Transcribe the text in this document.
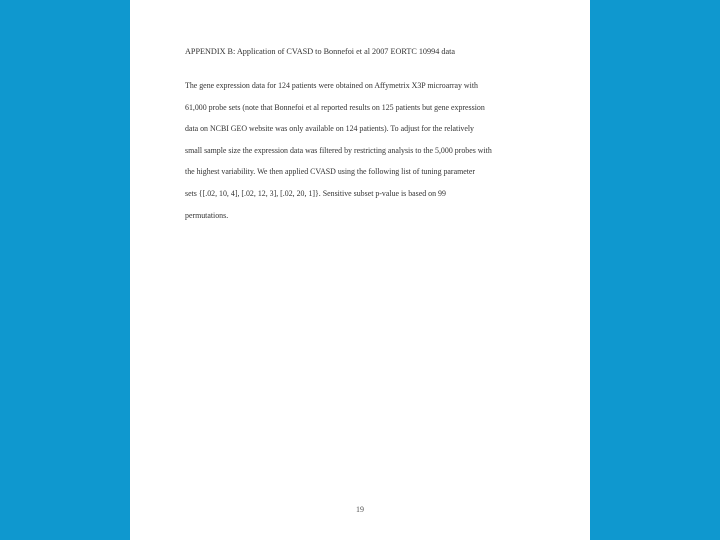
APPENDIX B: Application of CVASD to Bonnefoi et al 2007 EORTC 10994 data
The gene expression data for 124 patients were obtained on Affymetrix X3P microarray with
61,000 probe sets (note that Bonnefoi et al reported results on 125 patients but gene expression
data on NCBI GEO website was only available on 124 patients). To adjust for the relatively
small sample size the expression data was filtered by restricting analysis to the 5,000 probes with
the highest variability. We then applied CVASD using the following list of tuning parameter
sets {[.02, 10, 4], [.02, 12, 3], [.02, 20, 1]}. Sensitive subset p-value is based on 99
permutations.
19
